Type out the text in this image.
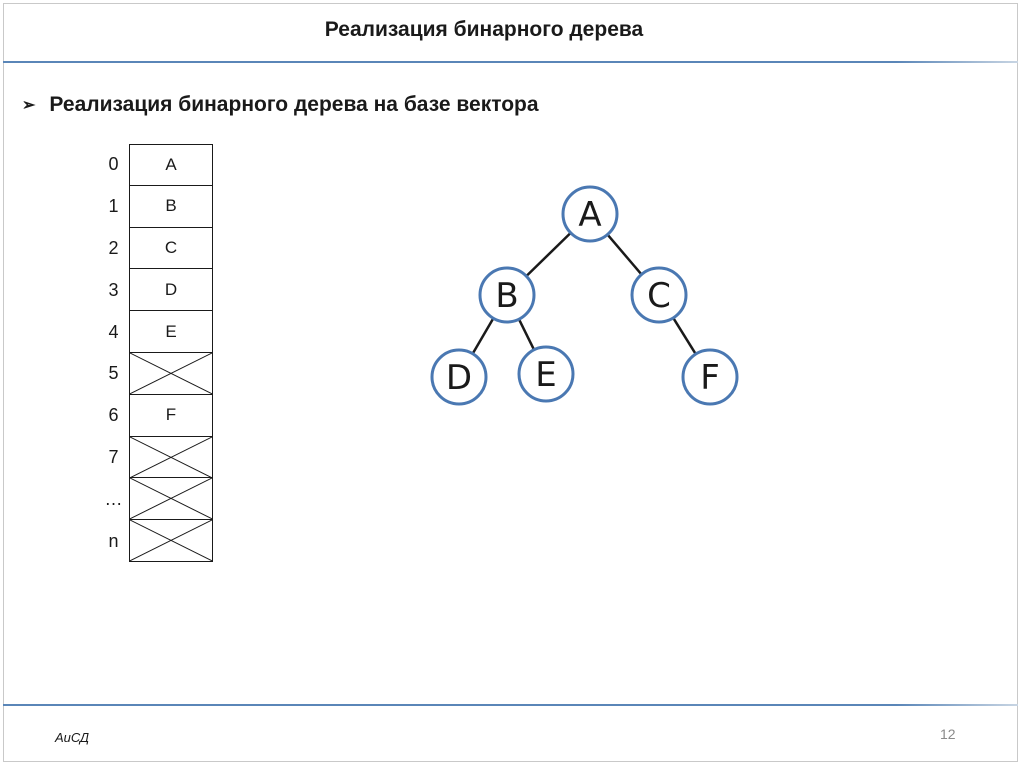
Реализация бинарного дерева
➢ Реализация бинарного дерева на базе вектора
0	A
1	B
2	C
3	D
4	E
5
6	F
7
…
n
A
B	C
D E	F
АиСД	12
